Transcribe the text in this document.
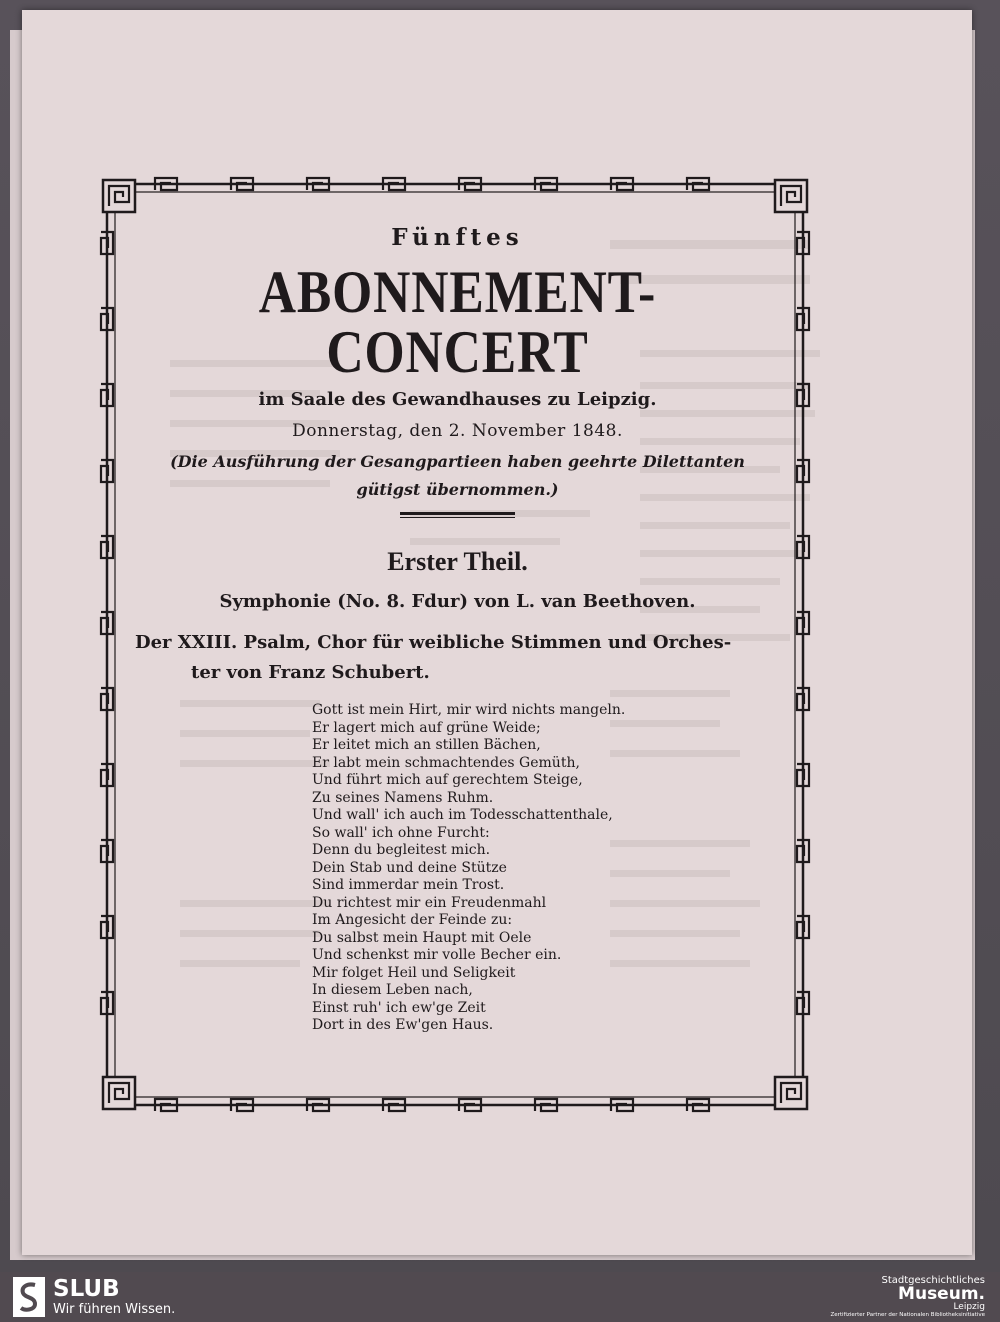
Fünftes

ABONNEMENT-CONCERT

im Saale des Gewandhauses zu Leipzig.

Donnerstag, den 2. November 1848.

(Die Ausführung der Gesangpartieen haben geehrte Dilettanten gütigst übernommen.)

Erster Theil.

Symphonie (No. 8. Fdur) von L. van Beethoven.

Der XXIII. Psalm, Chor für weibliche Stimmen und Orches-
ter von Franz Schubert.

Gott ist mein Hirt, mir wird nichts mangeln.
Er lagert mich auf grüne Weide;
Er leitet mich an stillen Bächen,
Er labt mein schmachtendes Gemüth,
Und führt mich auf gerechtem Steige,
Zu seines Namens Ruhm.
Und wall' ich auch im Todesschattenthale,
So wall' ich ohne Furcht:
Denn du begleitest mich.
Dein Stab und deine Stütze
Sind immerdar mein Trost.
Du richtest mir ein Freudenmahl
Im Angesicht der Feinde zu:
Du salbst mein Haupt mit Oele
Und schenkst mir volle Becher ein.
Mir folget Heil und Seligkeit
In diesem Leben nach,
Einst ruh' ich ew'ge Zeit
Dort in des Ew'gen Haus.
SLUB
Wir führen Wissen.
Stadtgeschichtliches
Museum.
Leipzig
Zertifizierter Partner der Nationalen Bibliotheksinitiative
